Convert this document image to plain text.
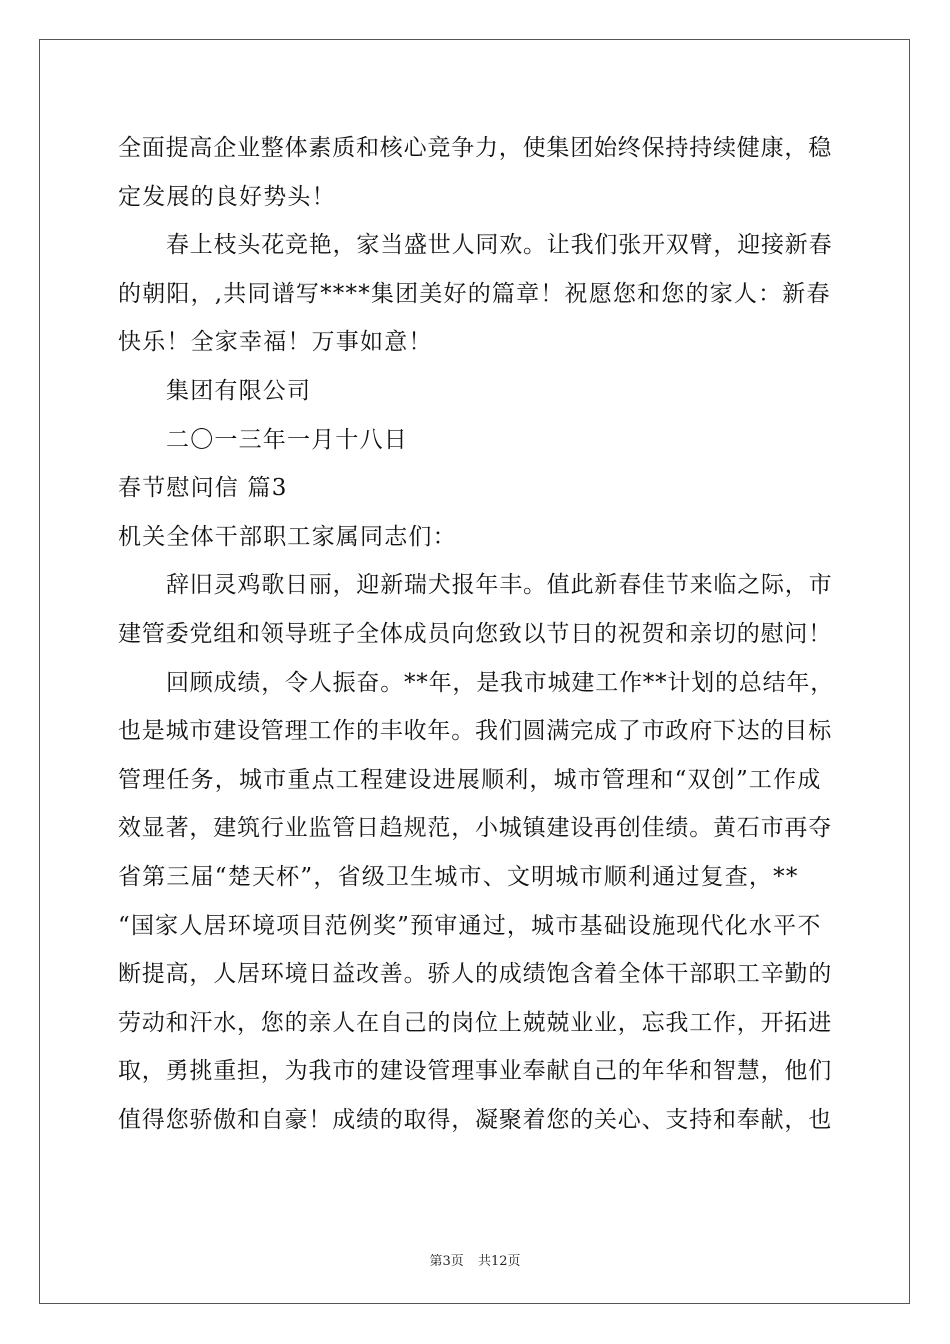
全面提高企业整体素质和核心竞争力，使集团始终保持持续健康，稳
定发展的良好势头！
春上枝头花竞艳，家当盛世人同欢。让我们张开双臂，迎接新春
的朝阳，,共同谱写****集团美好的篇章！祝愿您和您的家人：新春
快乐！全家幸福！万事如意！
集团有限公司
二〇一三年一月十八日
春节慰问信 篇3
机关全体干部职工家属同志们：
辞旧灵鸡歌日丽，迎新瑞犬报年丰。值此新春佳节来临之际，市
建管委党组和领导班子全体成员向您致以节日的祝贺和亲切的慰问！
回顾成绩，令人振奋。**年，是我市城建工作**计划的总结年，
也是城市建设管理工作的丰收年。我们圆满完成了市政府下达的目标
管理任务，城市重点工程建设进展顺利，城市管理和“双创”工作成
效显著，建筑行业监管日趋规范，小城镇建设再创佳绩。黄石市再夺
省第三届“楚天杯”，省级卫生城市、文明城市顺利通过复查，**
“国家人居环境项目范例奖”预审通过，城市基础设施现代化水平不
断提高，人居环境日益改善。骄人的成绩饱含着全体干部职工辛勤的
劳动和汗水，您的亲人在自己的岗位上兢兢业业，忘我工作，开拓进
取，勇挑重担，为我市的建设管理事业奉献自己的年华和智慧，他们
值得您骄傲和自豪！成绩的取得，凝聚着您的关心、支持和奉献，也
第3页 共12页
